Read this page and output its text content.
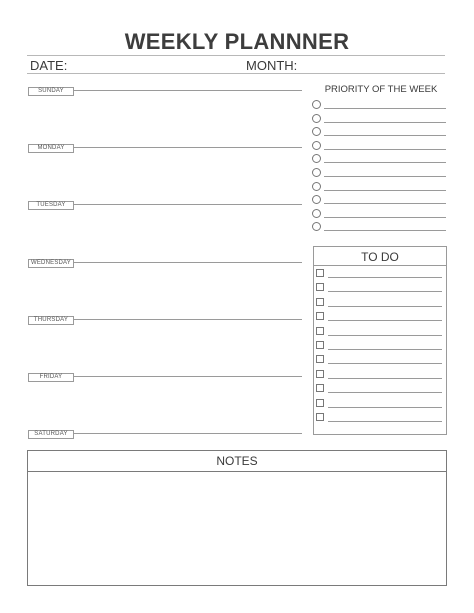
WEEKLY PLANNNER
DATE:	MONTH:
SUNDAY
MONDAY
TUESDAY
WEDNESDAY
THURSDAY
FRIDAY
SATURDAY
PRIORITY OF THE WEEK
TO DO
NOTES
